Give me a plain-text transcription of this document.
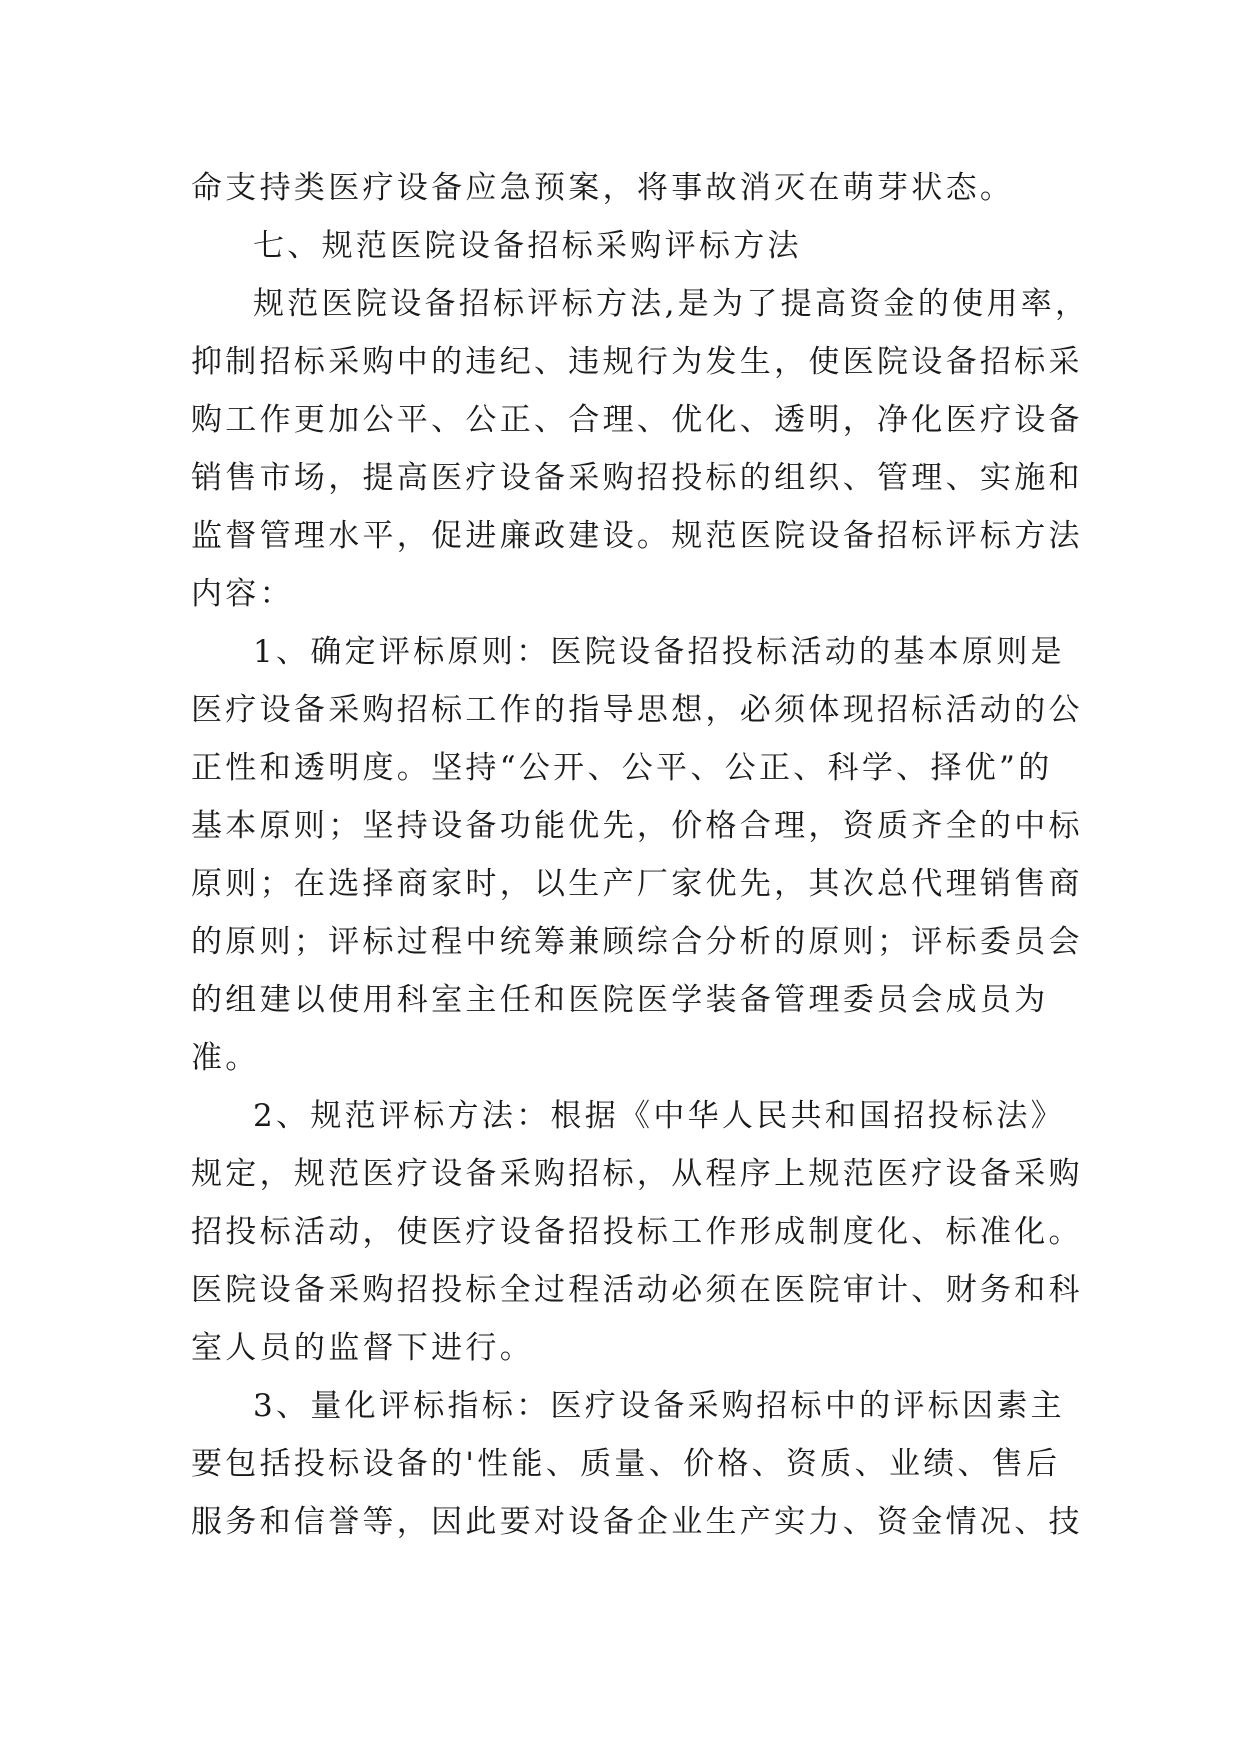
命支持类医疗设备应急预案，将事故消灭在萌芽状态。
七、规范医院设备招标采购评标方法
规范医院设备招标评标方法,是为了提高资金的使用率，
抑制招标采购中的违纪、违规行为发生，使医院设备招标采
购工作更加公平、公正、合理、优化、透明，净化医疗设备
销售市场，提高医疗设备采购招投标的组织、管理、实施和
监督管理水平，促进廉政建设。规范医院设备招标评标方法
内容：
1、确定评标原则：医院设备招投标活动的基本原则是
医疗设备采购招标工作的指导思想，必须体现招标活动的公
正性和透明度。坚持“公开、公平、公正、科学、择优”的
基本原则；坚持设备功能优先，价格合理，资质齐全的中标
原则；在选择商家时，以生产厂家优先，其次总代理销售商
的原则；评标过程中统筹兼顾综合分析的原则；评标委员会
的组建以使用科室主任和医院医学装备管理委员会成员为
准。
2、规范评标方法：根据《中华人民共和国招投标法》
规定，规范医疗设备采购招标，从程序上规范医疗设备采购
招投标活动，使医疗设备招投标工作形成制度化、标准化。
医院设备采购招投标全过程活动必须在医院审计、财务和科
室人员的监督下进行。
3、量化评标指标：医疗设备采购招标中的评标因素主
要包括投标设备的'性能、质量、价格、资质、业绩、售后
服务和信誉等，因此要对设备企业生产实力、资金情况、技
